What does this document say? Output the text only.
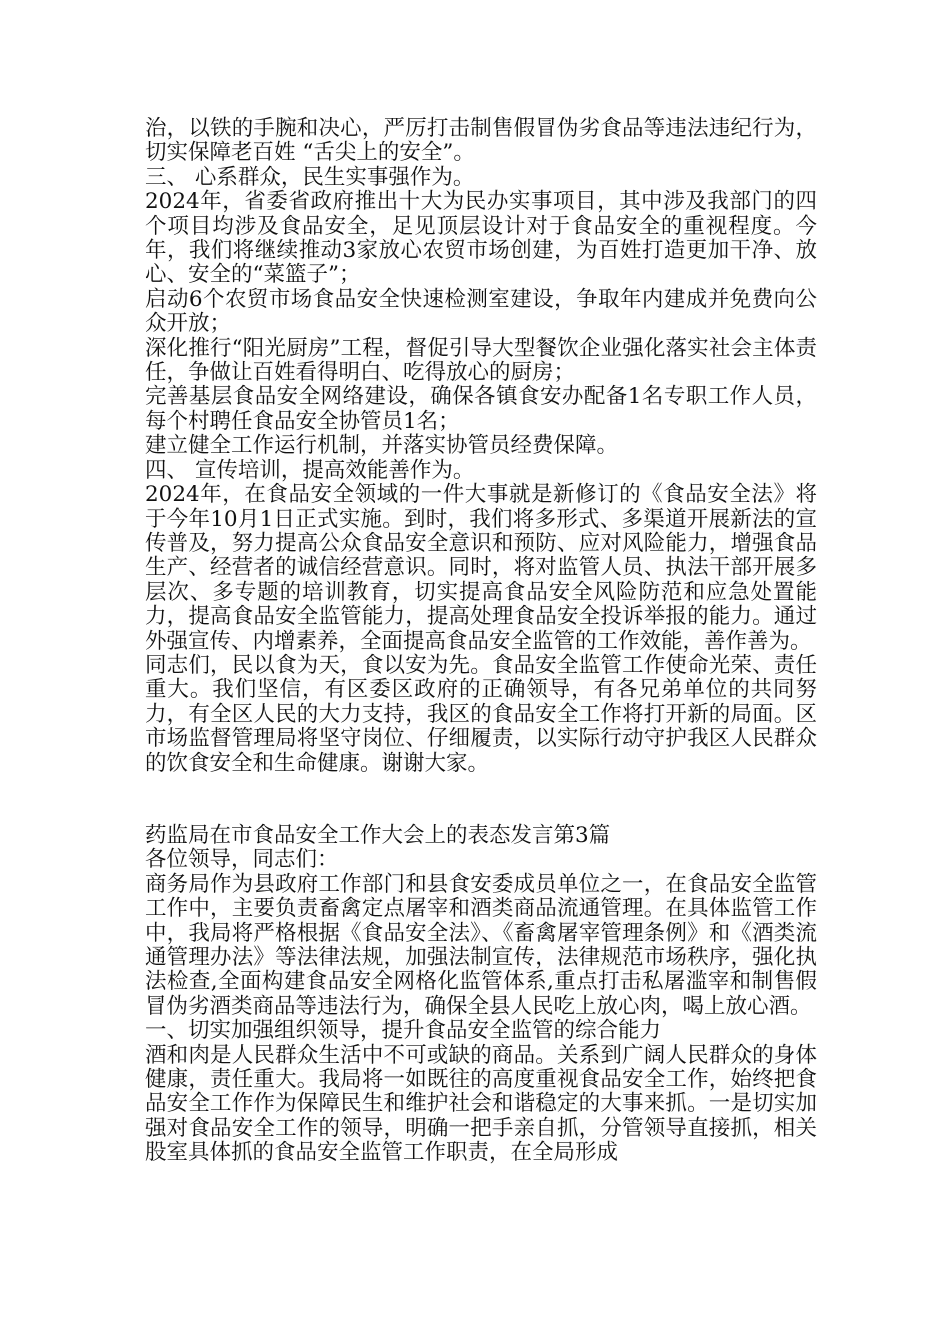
治，以铁的手腕和决心，严厉打击制售假冒伪劣食品等违法违纪行为，切实保障老百姓 “舌尖上的安全”。

三、 心系群众，民生实事强作为。

2024年，省委省政府推出十大为民办实事项目，其中涉及我部门的四个项目均涉及食品安全，足见顶层设计对于食品安全的重视程度。今年，我们将继续推动3家放心农贸市场创建，为百姓打造更加干净、放心、安全的“菜篮子”；

启动6个农贸市场食品安全快速检测室建设，争取年内建成并免费向公众开放；

深化推行“阳光厨房”工程，督促引导大型餐饮企业强化落实社会主体责任，争做让百姓看得明白、吃得放心的厨房；

完善基层食品安全网络建设，确保各镇食安办配备1名专职工作人员，每个村聘任食品安全协管员1名；

建立健全工作运行机制，并落实协管员经费保障。

四、 宣传培训，提高效能善作为。

2024年，在食品安全领域的一件大事就是新修订的《食品安全法》将于今年10月1日正式实施。到时，我们将多形式、多渠道开展新法的宣传普及，努力提高公众食品安全意识和预防、应对风险能力，增强食品生产、经营者的诚信经营意识。同时，将对监管人员、执法干部开展多层次、多专题的培训教育，切实提高食品安全风险防范和应急处置能力，提高食品安全监管能力，提高处理食品安全投诉举报的能力。通过外强宣传、内增素养，全面提高食品安全监管的工作效能，善作善为。

同志们，民以食为天，食以安为先。食品安全监管工作使命光荣、责任重大。我们坚信，有区委区政府的正确领导，有各兄弟单位的共同努力，有全区人民的大力支持，我区的食品安全工作将打开新的局面。区市场监督管理局将坚守岗位、仔细履责，以实际行动守护我区人民群众的饮食安全和生命健康。谢谢大家。

药监局在市食品安全工作大会上的表态发言第3篇

各位领导，同志们：

商务局作为县政府工作部门和县食安委成员单位之一，在食品安全监管工作中，主要负责畜禽定点屠宰和酒类商品流通管理。在具体监管工作中，我局将严格根据《食品安全法》、《畜禽屠宰管理条例》和《酒类流通管理办法》等法律法规，加强法制宣传，法律规范市场秩序，强化执法检查,全面构建食品安全网格化监管体系,重点打击私屠滥宰和制售假冒伪劣酒类商品等违法行为，确保全县人民吃上放心肉，喝上放心酒。

一、切实加强组织领导，提升食品安全监管的综合能力

酒和肉是人民群众生活中不可或缺的商品。关系到广阔人民群众的身体健康，责任重大。我局将一如既往的高度重视食品安全工作，始终把食品安全工作作为保障民生和维护社会和谐稳定的大事来抓。一是切实加强对食品安全工作的领导，明确一把手亲自抓，分管领导直接抓，相关股室具体抓的食品安全监管工作职责，在全局形成
